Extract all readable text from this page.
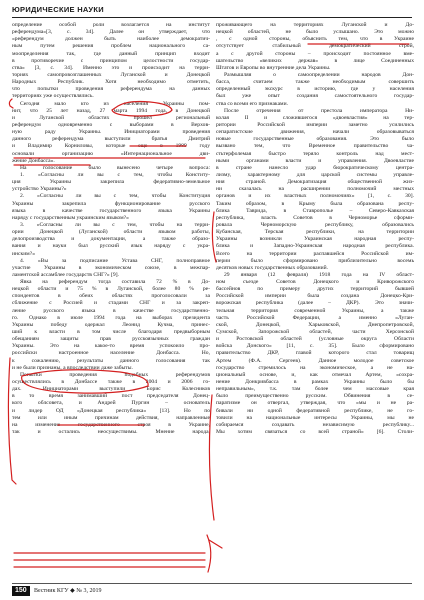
ЮРИДИЧЕСКИЕ НАУКИ
определение особой роли возлагается на институт
референдума»[3, с. 34]. Далее он утверждает, что
«референдум должен быть наиболее демократич-
ным путем решения проблем национального са-
моопределения так, где данный принцип входит
в противоречие с принципом целостности государ-
ства» [3, с. 34]. Именно это и происходит на терри-
ториях самопровозглашенных Луганской и Донецкой
Народных Республик. Хотя необходимо отметить,
что попытки проведения референдума на данных
территориях уже осуществлялись.
Сегодня мало кто из населения Украины пом-
нит, что 25 лет назад, 27 марта 1994 года, в Донецкой
и Луганской областях прошел региональный
референдум одновременно с выборами в Верхов-
ную раду Украины. Инициаторами проведения
данного референдума выступили братья Дмитрий
и Владимир Корниловы, которые еще в 1989 году
основали организацию «Интернациональное дви-
жение Донбасса».
На голосование было вынесено четыре вопроса:
1. «Согласны ли вы с тем, чтобы Конститу-
ция Украины закрепила федеративно-земельное
устройство Украины?»
2. «Согласны ли вы с тем, чтобы Конституция
Украины закрепила функционирование русского
языка в качестве государственного языка Украины
наряду с государственным украинским языком?»
3. «Согласны ли вы с тем, чтобы на терри-
ории Донецкой (Луганской) области языком работы,
делопроизводства и документации, а также образо-
вания и науки был русский язык наряду с укра-
инским?»
4. «Вы за подписание Устава СНГ, полноправное
участие Украины в экономическом союзе, в межпар-
ламентской ассамблее государств СНГ?» [9].
Явка на референдум тогда составила 72 % в До-
нецкой области и 75 % в Луганской, более 80 % ре-
спондентов в обеих областях проголосовали за
сближение с Россией и стадами СНГ и за закреп-
ление русского языка в качестве государственно-
го. Однако в июле 1994 года на выборах президента
Украины победу одержал Леонид Кучма, принес-
ший к власти в том числе благодаря предвыборным
обещаниям защиты прав русскоязычных граждан
Украины. Это на какое-то время успокоило про-
российски настроенное население Донбасса. Но,
к сожалению, результаты данного голосования так
и не были признаны, а впоследствии даже забыты.
Попытки проведения подобных референдумов
осуществлялись в Донбассе также в 2004 и 2006 го-
дах. Инициаторами выступили Борис Колесников
в то время занимавший пост председателя Донец-
кого облсовета, и Андрей Пургин – основатель
и лидер ОД «Донецкая республика» [13]. Но по
тем или иным причинам действия, направленные
на изменение государственного строя в Украине,
так и остались неосуществимы. Мнение народа,
проживающего на территориях Луганской и До-
нецкой областей, не было услышано. Это можно
, с одной стороны, объяснить тем, что в Украине
отсутствует стабильный демократический строй,
а с другой стороны – происходит постоянное вме-
шательство «великих держав» в лице Соединенных
Штатов и Европы во внутренние дела Украины.
Размышляя о самоопределении народов Дон-
басса, считаем также необходимым совершить
определенный экскурс в историю, где у населения
был уже опыт создания самостоятельного государ-
ства со всеми его признаками.
После отречения от престола императора Ни-
колая II и сложившегося «двоевластия» на тер-
ритории Российской империи заметно усилились
сепаратистские движения, начали образовываться
новые государственные образования. Это было
вызвано тем, что Временное правительство ча-
стьтерфолемая быстро теряло контроль над мест-
ными органами власти и управления. Двоевластие
в стране нанесло удар бюрократическому центра-
лизму, характерному для царской системы управле-
ния страной. Демократизация общественной жиз-
ни сказалась на расширении полномочий местных
органов и их властных полномочиях» [1, с. 30].
Таким образом, в Крыму была образована респу-
блика Таврида, в Ставрополье – Северо-Кавказская
республика, власть Советов в Черноморье сформи-
ровала Черноморскую республику, образовались
Кубанская, Терская республики, на территории
Украины возникли Украинская народная респу-
блика и Западно-Украинская народная республика.
Всего на территории распавшейся Российской им-
перии было сформировано приблизительно восемь
десятков новых государственных образований.
29 января (12 февраля) 1918 года на IV област-
ном съезде Советов Донецкого и Криворожского
бассейнов по примеру других территорий бывшей
Российской империи была создана Донецко-Кри-
ворожская республика (далее – ДКР). Это значи-
тельная территория современной Украины, а также
часть Российской Федерации, а именно «Луган-
ской, Донецкой, Харьковской, Днепропетровской,
Сумской, Запорожской областей, части Херсонской
и Ростовской областей (условные округа Области
войска Донского» [11, с. 35]. Было сформировано
правительство ДКР, главой которого стал товарищ
Артем (Ф.А. Сергеев). Данное молодое советское
государство стремилось на экономическое, а не на-
циональный основе, и, как отмечал Артем, «сохра-
нение Донкривбасса в рамках Украины было бы
неправильным», т.к. там более чем массовые края
было преимущественно русским. Обвинения в се-
паратизме он отвергал, утверждая, что «мы и не ра-
бивали ни одной федеративной республике, не го-
товили на национальные интересы Украины, мы не
собираемся создавать независимую республику...
Мы хотим связаться со всей страной» [6]. Столи-
150	Вестник КГУ ◆ № 3, 2019
